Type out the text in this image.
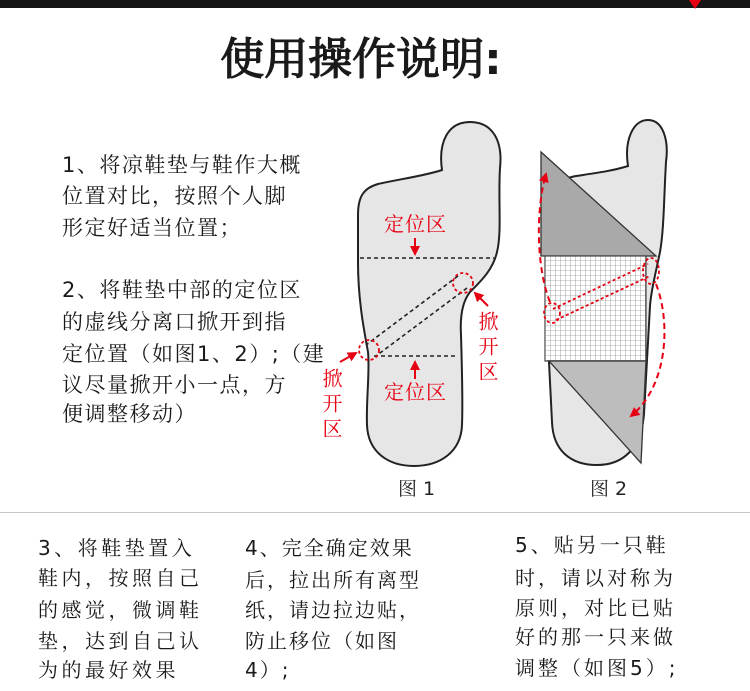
使用操作说明:
1、将凉鞋垫与鞋作大概
位置对比，按照个人脚
形定好适当位置；
2、将鞋垫中部的定位区
的虚线分离口掀开到指
定位置（如图1、2）;（建
议尽量掀开小一点，方
便调整移动）
定位区
定位区
掀开区
掀开区
图 1	图 2
3、将鞋垫置入
鞋内，按照自己
的感觉，微调鞋
垫，达到自己认
为的最好效果
4、完全确定效果
后，拉出所有离型
纸，请边拉边贴，
防止移位（如图
4）;
5、贴另一只鞋
时，请以对称为
原则，对比已贴
好的那一只来做
调整（如图5）;
